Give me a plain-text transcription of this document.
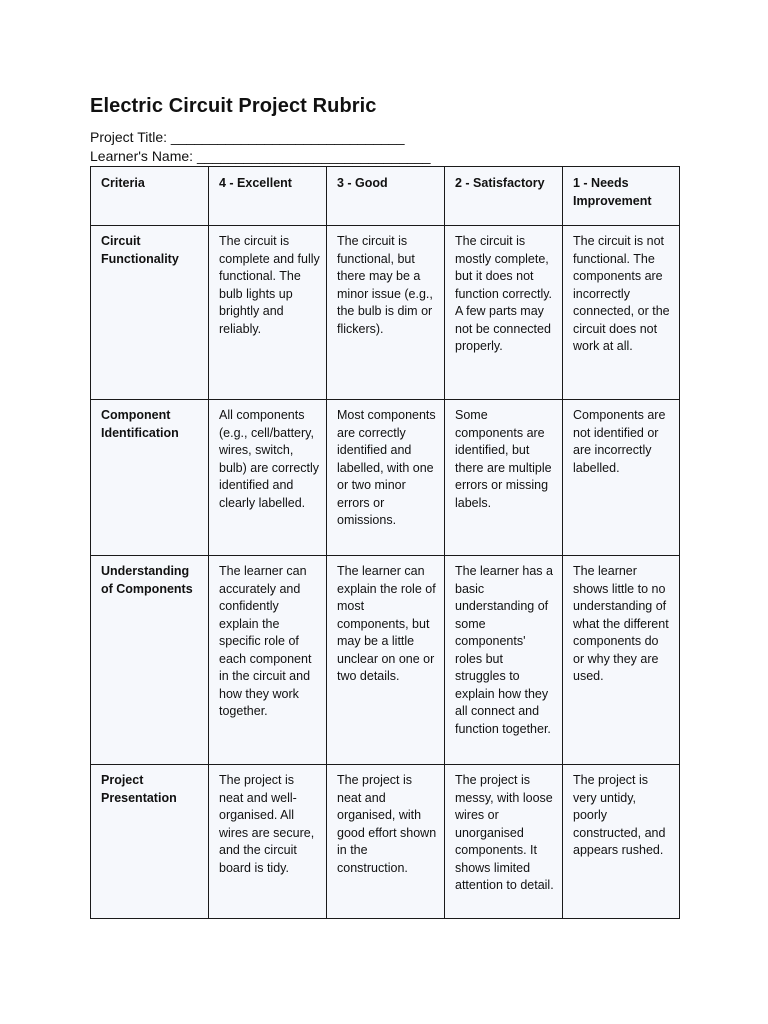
Electric Circuit Project Rubric

Project Title: ______________________________

Learner's Name: ______________________________

Criteria	4 - Excellent	3 - Good	2 - Satisfactory	1 - Needs Improvement
Circuit Functionality	The circuit is complete and fully functional. The bulb lights up brightly and reliably.	The circuit is functional, but there may be a minor issue (e.g., the bulb is dim or flickers).	The circuit is mostly complete, but it does not function correctly. A few parts may not be connected properly.	The circuit is not functional. The components are incorrectly connected, or the circuit does not work at all.
Component Identification	All components (e.g., cell/battery, wires, switch, bulb) are correctly identified and clearly labelled.	Most components are correctly identified and labelled, with one or two minor errors or omissions.	Some components are identified, but there are multiple errors or missing labels.	Components are not identified or are incorrectly labelled.
Understanding of Components	The learner can accurately and confidently explain the specific role of each component in the circuit and how they work together.	The learner can explain the role of most components, but may be a little unclear on one or two details.	The learner has a basic understanding of some components' roles but struggles to explain how they all connect and function together.	The learner shows little to no understanding of what the different components do or why they are used.
Project Presentation	The project is neat and well-organised. All wires are secure, and the circuit board is tidy.	The project is neat and organised, with good effort shown in the construction.	The project is messy, with loose wires or unorganised components. It shows limited attention to detail.	The project is very untidy, poorly constructed, and appears rushed.
